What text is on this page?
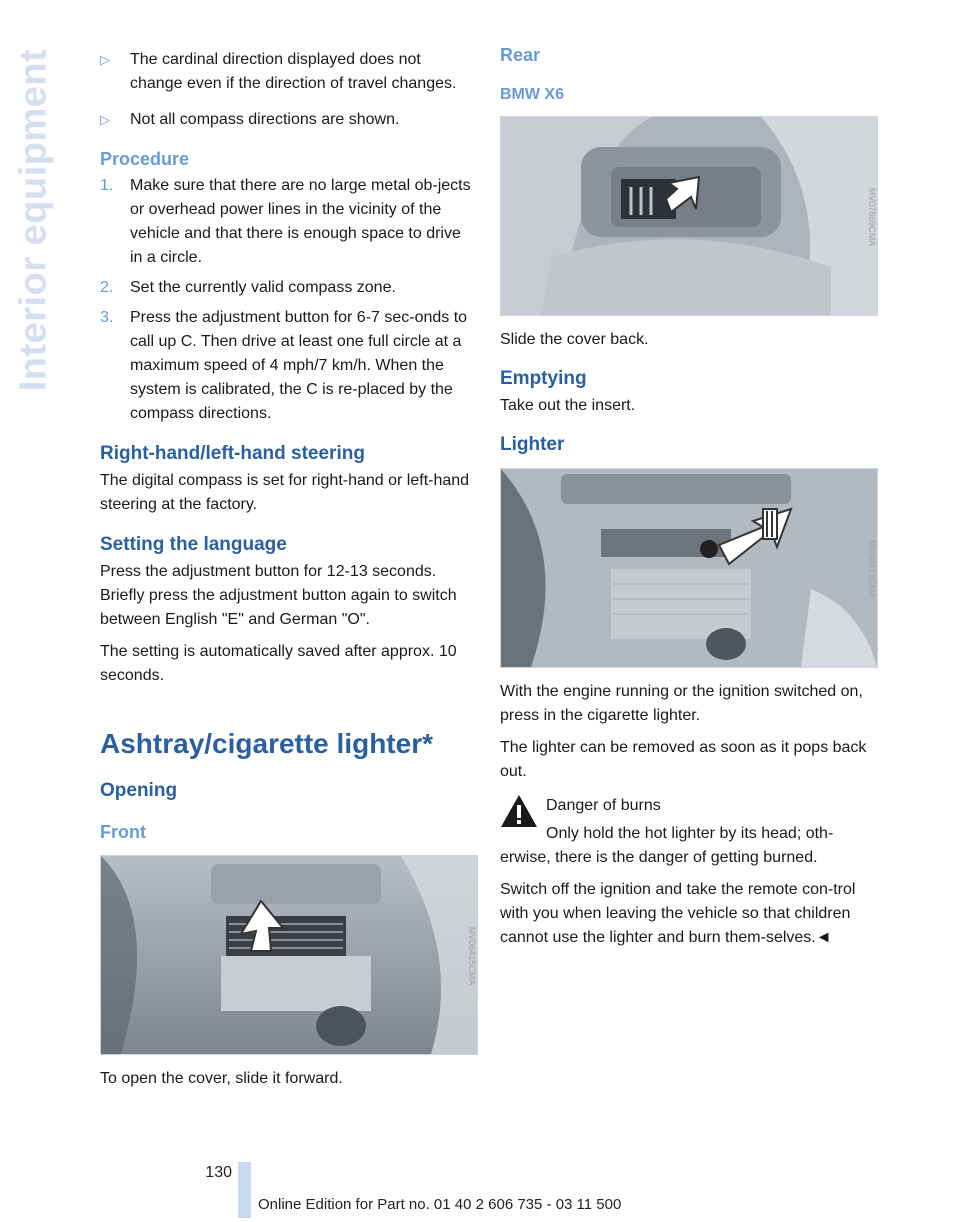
Interior equipment	▷ The cardinal direction displayed does not change even if the direction of travel changes.
▷ Not all compass directions are shown.
Procedure
1. Make sure that there are no large metal ob-jects or overhead power lines in the vicinity of the vehicle and that there is enough space to drive in a circle.
2. Set the currently valid compass zone.
3. Press the adjustment button for 6-7 sec-onds to call up C. Then drive at least one full circle at a maximum speed of 4 mph/7 km/h. When the system is calibrated, the C is re-placed by the compass directions.
Right-hand/left-hand steering

The digital compass is set for right-hand or left-hand steering at the factory.

Setting the language

Press the adjustment button for 12-13 seconds. Briefly press the adjustment button again to switch between English "E" and German "O".

The setting is automatically saved after approx. 10 seconds.

Ashtray/cigarette lighter*
Opening
Front
MV06415CMA

To open the cover, slide it forward.

Rear
BMW X6
MV07869CMA

Slide the cover back.

Emptying

Take out the insert.

Lighter
MV06413CMA

With the engine running or the ignition switched on, press in the cigarette lighter.

The lighter can be removed as soon as it pops back out.

Danger of burns

Only hold the hot lighter by its head; oth-erwise, there is the danger of getting burned.

Switch off the ignition and take the remote con-trol with you when leaving the vehicle so that children cannot use the lighter and burn them-selves.◄

130
Online Edition for Part no. 01 40 2 606 735 - 03 11 500
